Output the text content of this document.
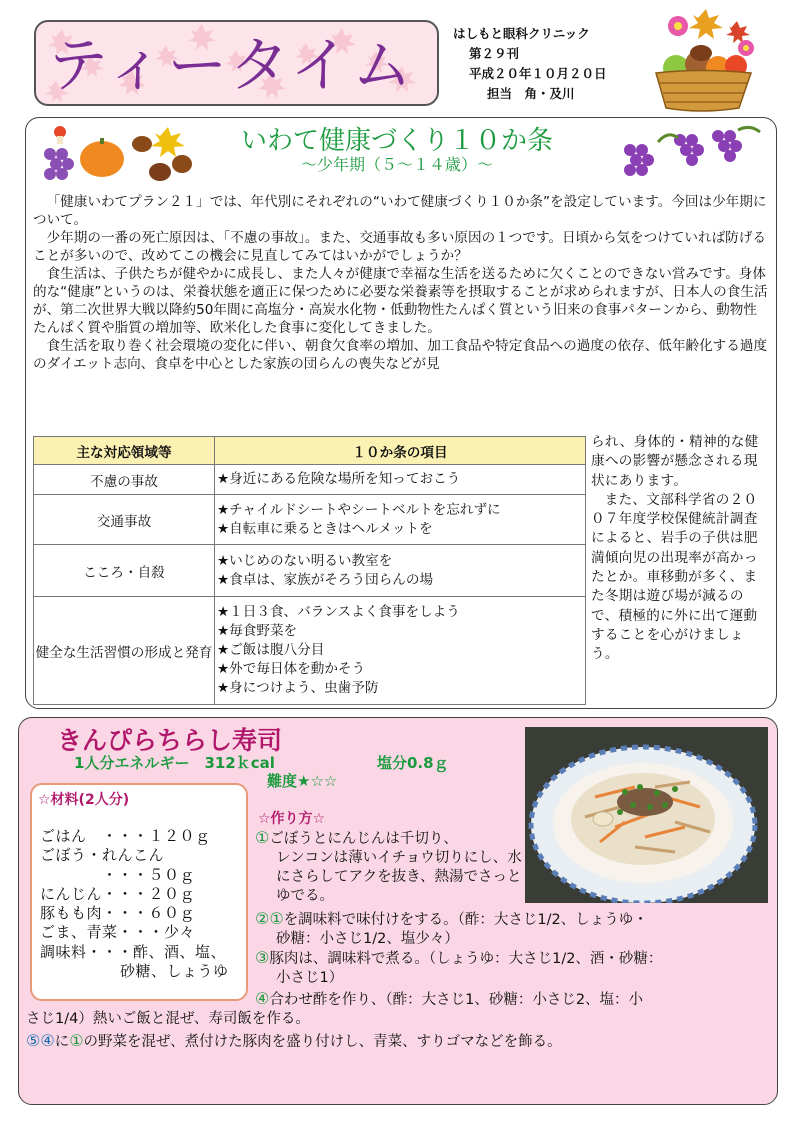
ティータイム	はしもと眼科クリニック
第２９刊
平成２０年１０月２０日
担当　角・及川
いわて健康づくり１０か条
～少年期（５～１４歳）～

「健康いわてプラン２１」では、年代別にそれぞれの“いわて健康づくり１０か条”を設定しています。今回は少年期について。

少年期の一番の死亡原因は、「不慮の事故」。また、交通事故も多い原因の１つです。日頃から気をつけていれば防げることが多いので、改めてこの機会に見直してみてはいかがでしょうか？

食生活は、子供たちが健やかに成長し、また人々が健康で幸福な生活を送るために欠くことのできない営みです。身体的な“健康”というのは、栄養状態を適正に保つために必要な栄養素等を摂取することが求められますが、日本人の食生活が、第二次世界大戦以降約50年間に高塩分・高炭水化物・低動物性たんぱく質という旧来の食事パターンから、動物性たんぱく質や脂質の増加等、欧米化した食事に変化してきました。

食生活を取り巻く社会環境の変化に伴い、朝食欠食率の増加、加工食品や特定食品への過度の依存、低年齢化する過度のダイエット志向、食卓を中心とした家族の団らんの喪失などが見

主な対応領域等	１０か条の項目
不慮の事故	★身近にある危険な場所を知っておこう

交通事故	★チャイルドシートやシートベルトを忘れずに
★自転車に乗るときはヘルメットを

こころ・自殺	★いじめのない明るい教室を
★食卓は、家族がそろう団らんの場

健全な生活習慣の形成と発育	★１日３食、バランスよく食事をしよう
★毎食野菜を
★ご飯は腹八分目
★外で毎日体を動かそう
★身につけよう、虫歯予防

られ、身体的・精神的な健康への影響が懸念される現状にあります。

また、文部科学省の２００７年度学校保健統計調査によると、岩手の子供は肥満傾向児の出現率が高かったとか。車移動が多く、また冬期は遊び場が減るので、積極的に外に出て運動することを心がけましょう。

きんぴらちらし寿司
1人分エネルギー　312ｋcal	塩分0.8ｇ
難度★☆☆
☆材料(2人分)
ごはん　・・・１２０ｇ
ごぼう・れんこん
・・・５０ｇ
にんじん・・・２０ｇ
豚もも肉・・・６０ｇ
ごま、青菜・・・少々
調味料・・・酢、酒、塩、
砂糖、しょうゆ
☆作り方☆
①ごぼうとにんじんは千切り、
レンコンは薄いイチョウ切りにし、水にさらしてアクを抜き、熱湯でさっとゆでる。
②①を調味料で味付けをする。（酢：大さじ1/2、しょうゆ・
砂糖：小さじ1/2、塩少々）
③豚肉は、調味料で煮る。（しょうゆ：大さじ1/2、酒・砂糖：
小さじ1）
④合わせ酢を作り、（酢：大さじ1、砂糖：小さじ2、塩：小
さじ1/4）熱いご飯と混ぜ、寿司飯を作る。
⑤④に①の野菜を混ぜ、煮付けた豚肉を盛り付けし、青菜、すりゴマなどを飾る。
